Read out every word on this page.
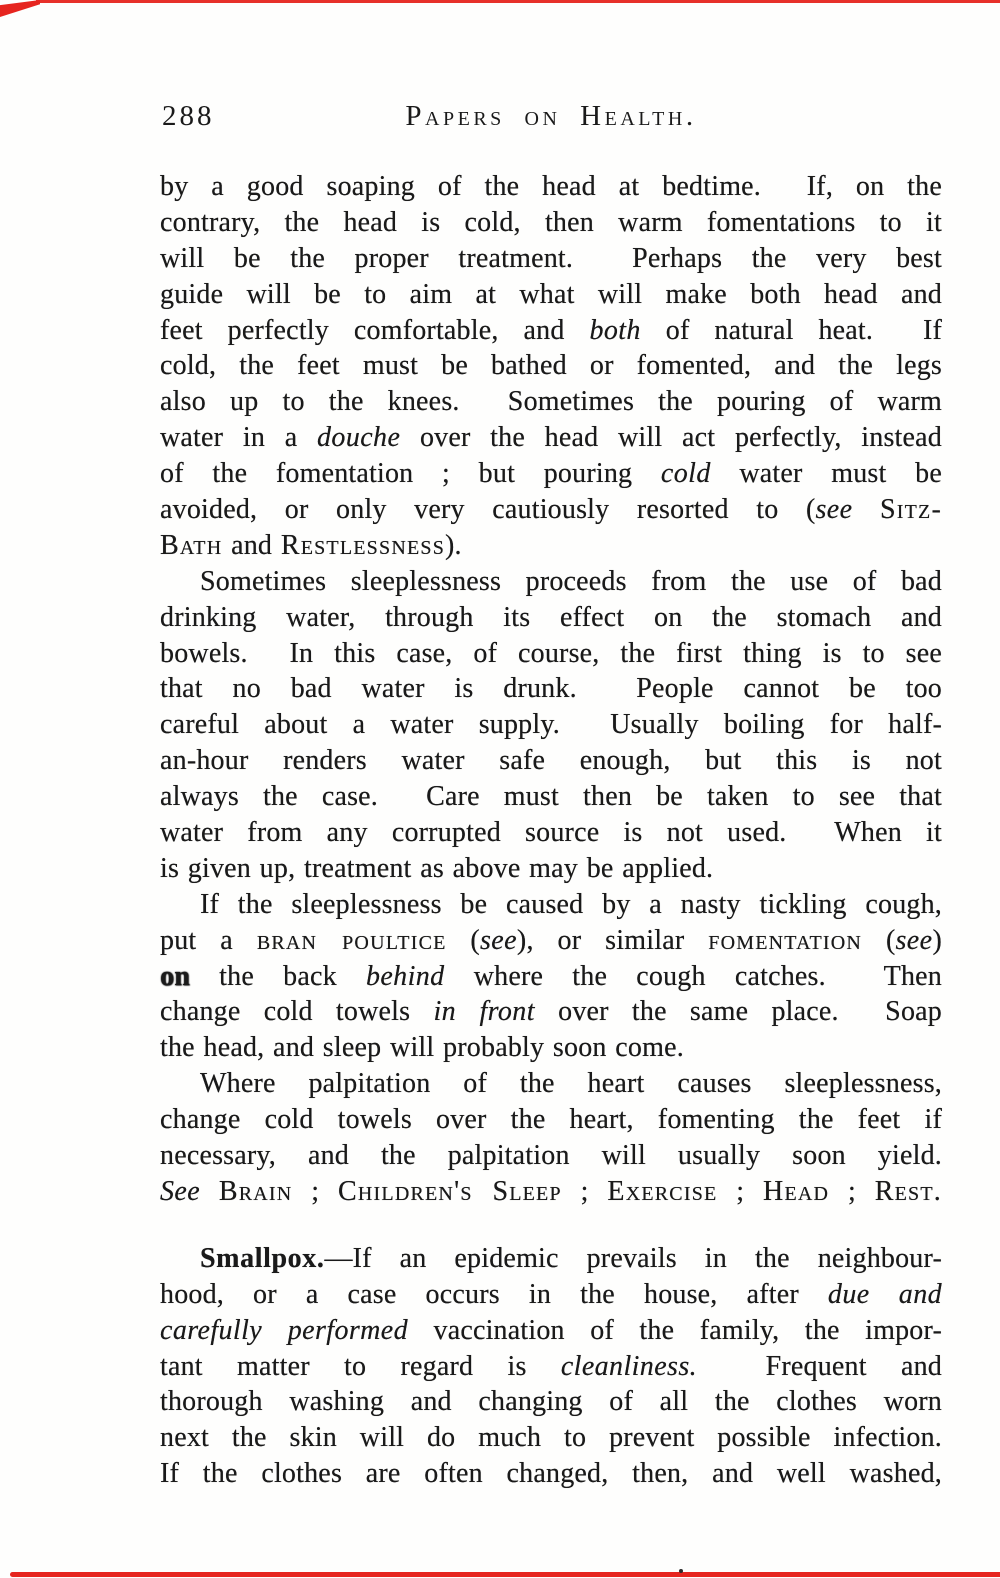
288	Papers on Health.
by a good soaping of the head at bedtime.  If, on the
contrary, the head is cold, then warm fomentations to it
will be the proper treatment.  Perhaps the very best
guide will be to aim at what will make both head and
feet perfectly comfortable, and both of natural heat.  If
cold, the feet must be bathed or fomented, and the legs
also up to the knees.  Sometimes the pouring of warm
water in a douche over the head will act perfectly, instead
of the fomentation ; but pouring cold water must be
avoided, or only very cautiously resorted to (see Sitz-
Bath and Restlessness).
Sometimes sleeplessness proceeds from the use of bad
drinking water, through its effect on the stomach and
bowels.  In this case, of course, the first thing is to see
that no bad water is drunk.  People cannot be too
careful about a water supply.  Usually boiling for half-
an-hour renders water safe enough, but this is not
always the case.  Care must then be taken to see that
water from any corrupted source is not used.  When it
is given up, treatment as above may be applied.
If the sleeplessness be caused by a nasty tickling cough,
put a bran poultice (see), or similar fomentation (see)
on the back behind where the cough catches.  Then
change cold towels in front over the same place.  Soap
the head, and sleep will probably soon come.
Where palpitation of the heart causes sleeplessness,
change cold towels over the heart, fomenting the feet if
necessary, and the palpitation will usually soon yield.
See Brain ; Children's Sleep ; Exercise ; Head ; Rest.
Smallpox.—If an epidemic prevails in the neighbour-
hood, or a case occurs in the house, after due and
carefully performed vaccination of the family, the impor-
tant matter to regard is cleanliness.  Frequent and
thorough washing and changing of all the clothes worn
next the skin will do much to prevent possible infection.
If the clothes are often changed, then, and well washed,
